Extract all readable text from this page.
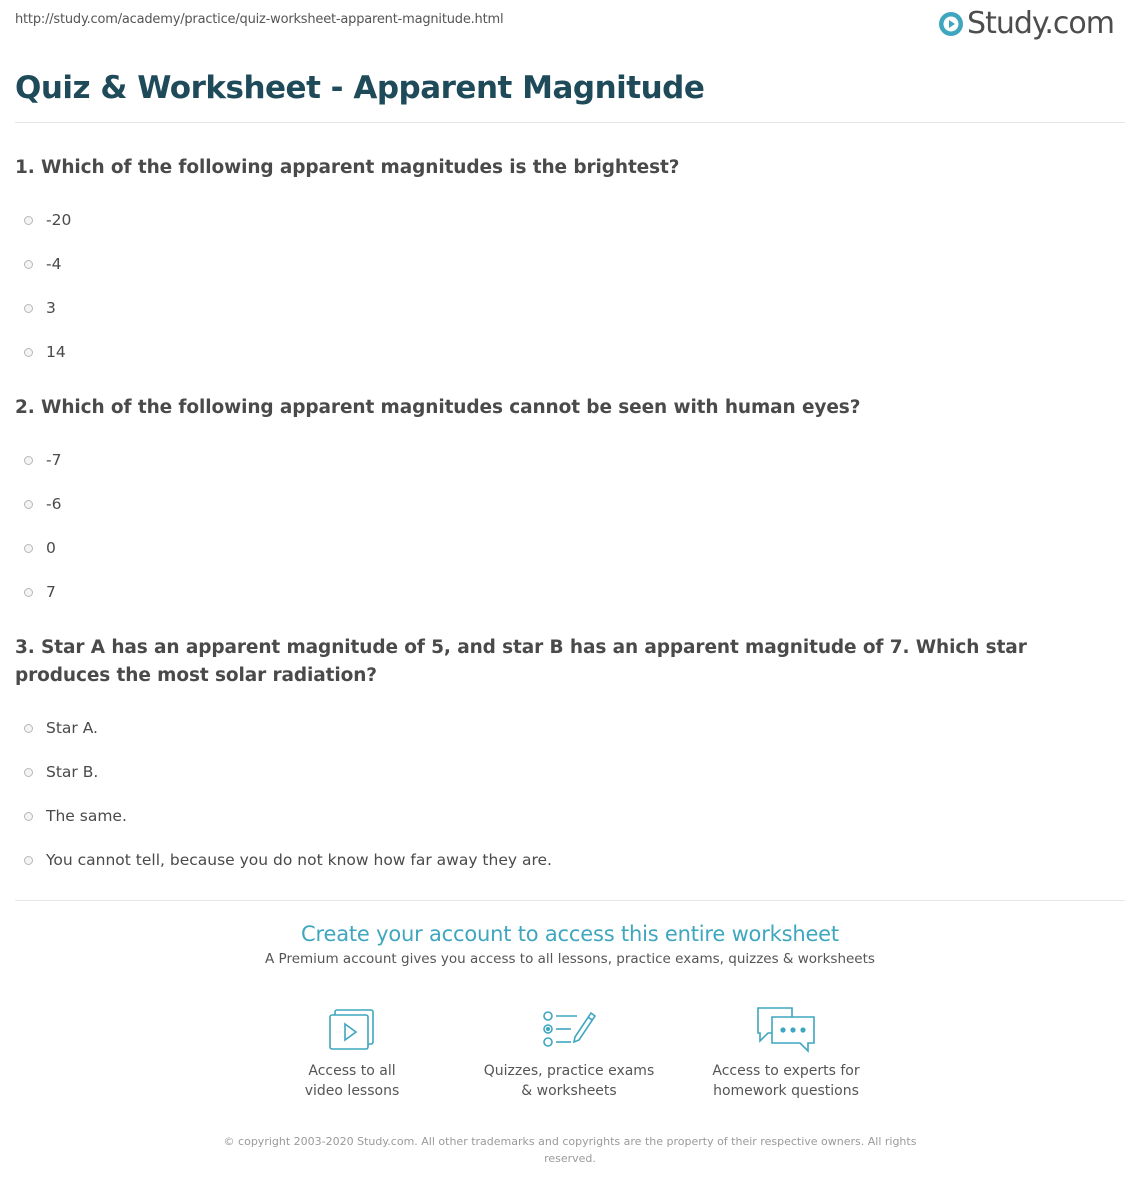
http://study.com/academy/practice/quiz-worksheet-apparent-magnitude.html	Study.com
Quiz & Worksheet - Apparent Magnitude

1. Which of the following apparent magnitudes is the brightest?

-20
-4
3
14

2. Which of the following apparent magnitudes cannot be seen with human eyes?

-7
-6
0
7

3. Star A has an apparent magnitude of 5, and star B has an apparent magnitude of 7. Which star produces the most solar radiation?

Star A.
Star B.
The same.
You cannot tell, because you do not know how far away they are.

Create your account to access this entire worksheet

A Premium account gives you access to all lessons, practice exams, quizzes & worksheets
Access to all
video lessons
Quizzes, practice exams
& worksheets
Access to experts for
homework questions
© copyright 2003-2020 Study.com. All other trademarks and copyrights are the property of their respective owners. All rights reserved.
